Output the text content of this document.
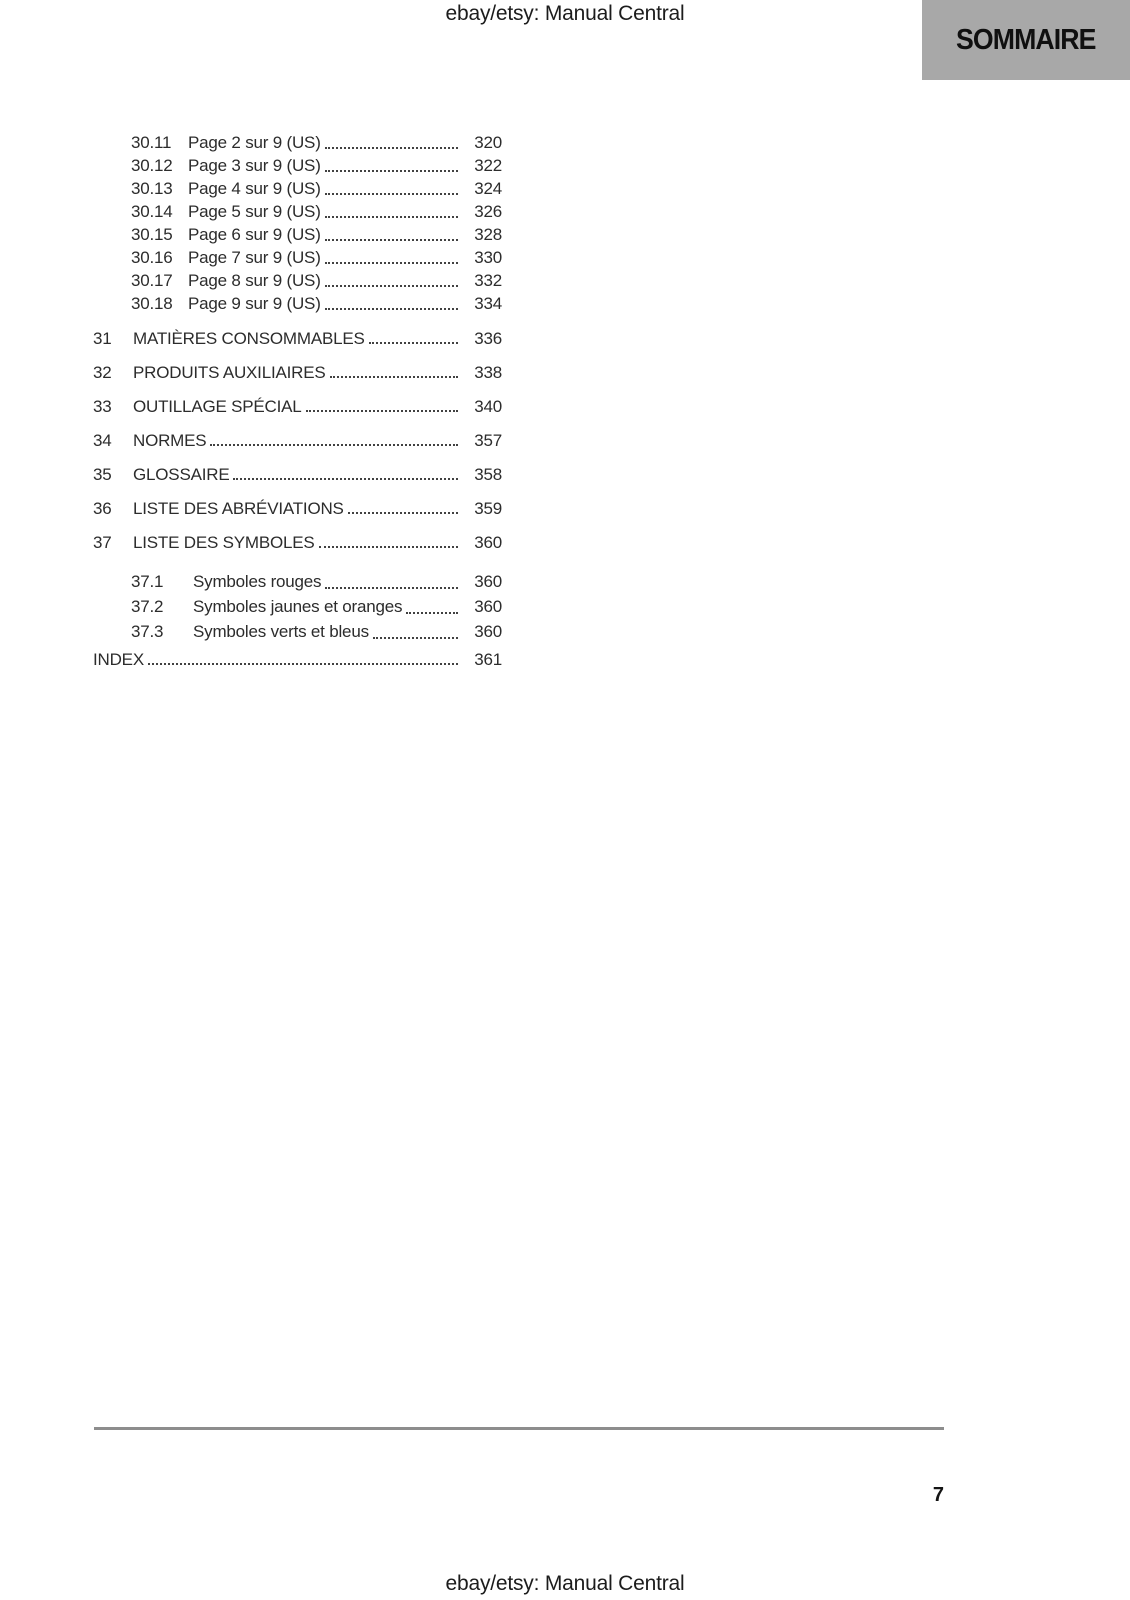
ebay/etsy: Manual Central
SOMMAIRE
30.11 Page 2 sur 9 (US)	320
30.12 Page 3 sur 9 (US)	322
30.13 Page 4 sur 9 (US)	324
30.14 Page 5 sur 9 (US)	326
30.15 Page 6 sur 9 (US)	328
30.16 Page 7 sur 9 (US)	330
30.17 Page 8 sur 9 (US)	332
30.18 Page 9 sur 9 (US)	334
31	MATIÈRES CONSOMMABLES	336
32	PRODUITS AUXILIAIRES	338
33	OUTILLAGE SPÉCIAL	340
34	NORMES	357
35	GLOSSAIRE	358
36	LISTE DES ABRÉVIATIONS	359
37	LISTE DES SYMBOLES	360
37.1	Symboles rouges	360
37.2	Symboles jaunes et oranges	360
37.3	Symboles verts et bleus	360
INDEX	361
7
ebay/etsy: Manual Central
